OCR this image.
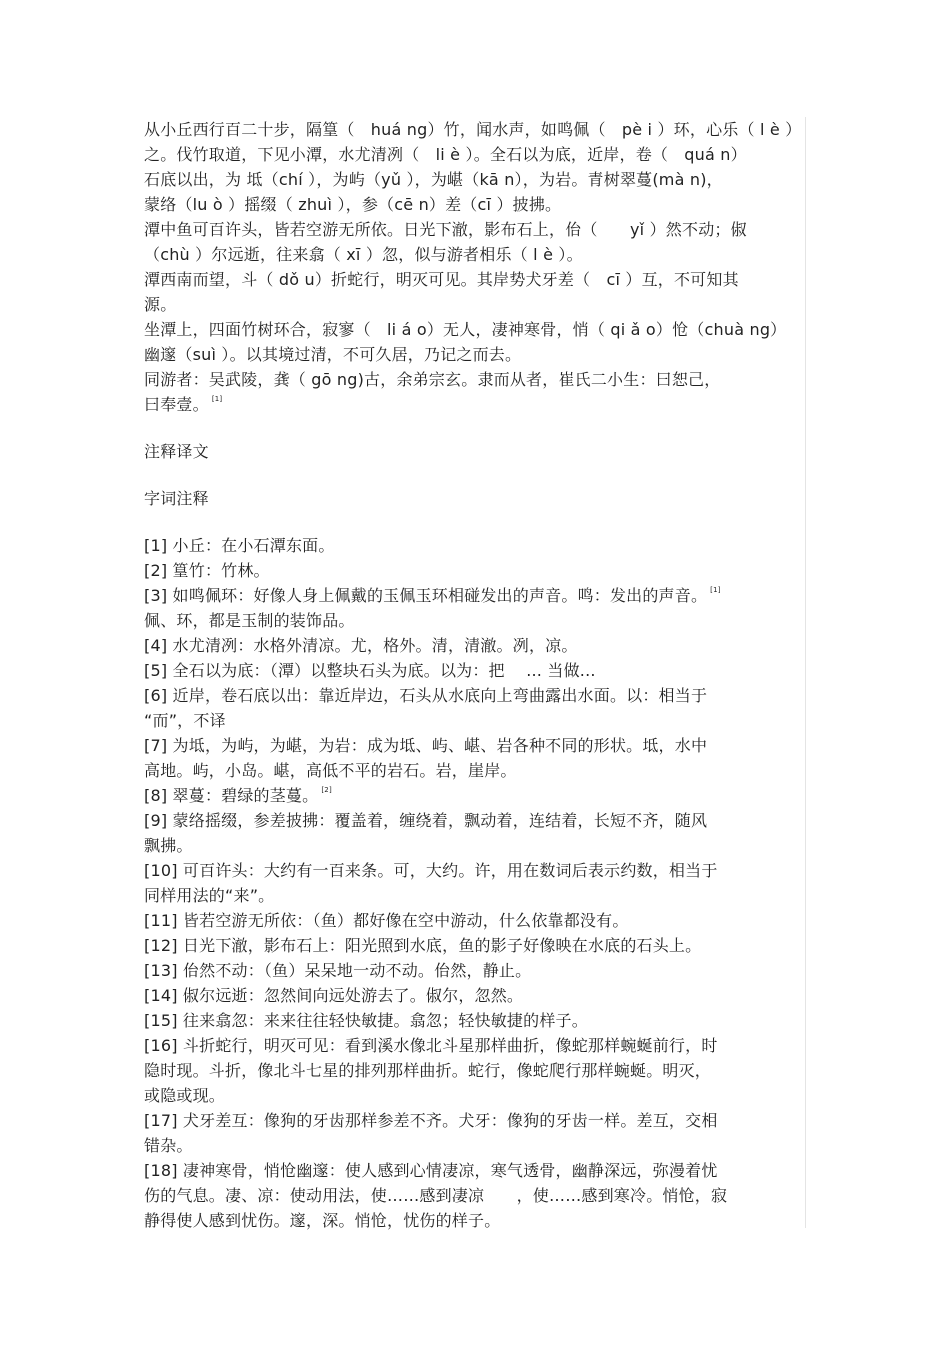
从小丘西行百二十步，隔篁（　huá ng）竹，闻水声，如鸣佩（　pè i ）环，心乐（ l è ）
之。伐竹取道，下见小潭，水尤清冽（　li è ）。全石以为底，近岸，卷（　quá n）
石底以出，为 坻（chí ），为屿（yǔ ），为嵁（kā n），为岩。青树翠蔓(mà n)，
蒙络（lu ò ）摇缀（ zhuì ），参（cē n）差（cī ）披拂。
潭中鱼可百许头，皆若空游无所依。日光下澈，影布石上，佁（　　yǐ ）然不动；俶
（chù ）尔远逝，往来翕（ xī ）忽，似与游者相乐（ l è ）。
潭西南而望，斗（ dǒ u）折蛇行，明灭可见。其岸势犬牙差（　cī ）互，不可知其
源。
坐潭上，四面竹树环合，寂寥（　li á o）无人，凄神寒骨，悄（ qi ǎ o）怆（chuà ng）
幽邃（suì ）。以其境过清，不可久居，乃记之而去。
同游者：吴武陵，龚（ gō ng)古，余弟宗玄。隶而从者，崔氏二小生：曰恕己，
曰奉壹。 [1]
注释译文
字词注释
[1] 小丘：在小石潭东面。
[2] 篁竹：竹林。
[3] 如鸣佩环：好像人身上佩戴的玉佩玉环相碰发出的声音。鸣：发出的声音。 [1]
佩、环，都是玉制的装饰品。
[4] 水尤清冽：水格外清凉。尤，格外。清，清澈。冽，凉。
[5] 全石以为底：（潭）以整块石头为底。以为：把　 ... 当做...
[6] 近岸，卷石底以出：靠近岸边，石头从水底向上弯曲露出水面。以：相当于
“而”，不译
[7] 为坻，为屿，为嵁，为岩：成为坻、屿、嵁、岩各种不同的形状。坻，水中
高地。屿，小岛。嵁，高低不平的岩石。岩，崖岸。
[8] 翠蔓：碧绿的茎蔓。 [2]
[9] 蒙络摇缀，参差披拂：覆盖着，缠绕着，飘动着，连结着，长短不齐，随风
飘拂。
[10] 可百许头：大约有一百来条。可，大约。许，用在数词后表示约数，相当于
同样用法的“来”。
[11] 皆若空游无所依：（鱼）都好像在空中游动，什么依靠都没有。
[12] 日光下澈，影布石上：阳光照到水底，鱼的影子好像映在水底的石头上。
[13] 佁然不动：（鱼）呆呆地一动不动。佁然，静止。
[14] 俶尔远逝：忽然间向远处游去了。俶尔，忽然。
[15] 往来翕忽：来来往往轻快敏捷。翕忽；轻快敏捷的样子。
[16] 斗折蛇行，明灭可见：看到溪水像北斗星那样曲折，像蛇那样蜿蜒前行，时
隐时现。斗折，像北斗七星的排列那样曲折。蛇行，像蛇爬行那样蜿蜒。明灭，
或隐或现。
[17] 犬牙差互：像狗的牙齿那样参差不齐。犬牙：像狗的牙齿一样。差互，交相
错杂。
[18] 凄神寒骨，悄怆幽邃：使人感到心情凄凉，寒气透骨，幽静深远，弥漫着忧
伤的气息。凄、凉：使动用法，使……感到凄凉　　，使……感到寒冷。悄怆，寂
静得使人感到忧伤。邃，深。悄怆，忧伤的样子。
